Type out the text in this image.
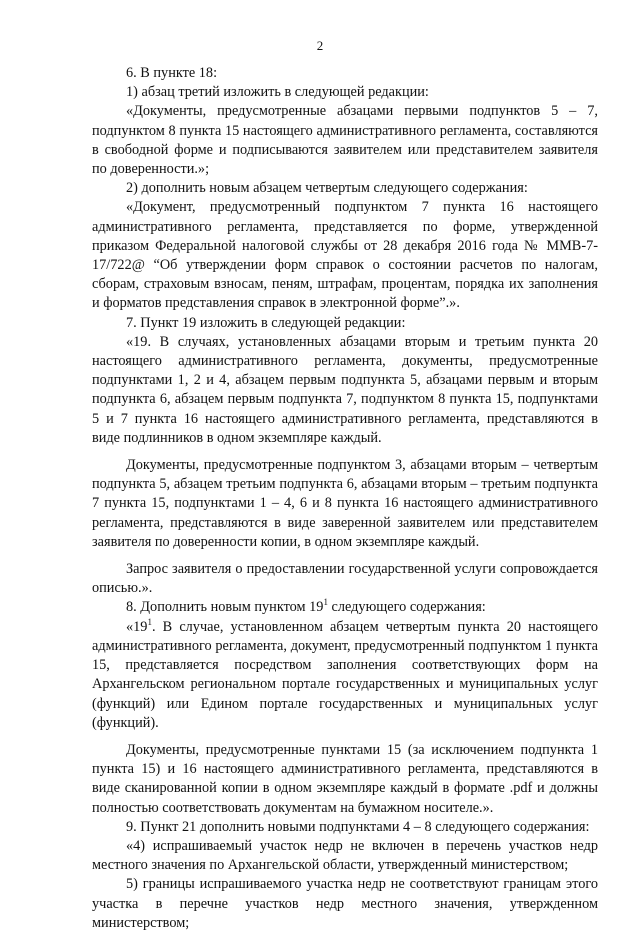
2

6. В пункте 18:

1) абзац третий изложить в следующей редакции:

«Документы, предусмотренные абзацами первыми подпунктов 5 – 7, подпунктом 8 пункта 15 настоящего административного регламента, составляются в свободной форме и подписываются заявителем или представителем заявителя по доверенности.»;

2) дополнить новым абзацем четвертым следующего содержания:

«Документ, предусмотренный подпунктом 7 пункта 16 настоящего административного регламента, представляется по форме, утвержденной приказом Федеральной налоговой службы от 28 декабря 2016 года № ММВ-7-17/722@ “Об утверждении форм справок о состоянии расчетов по налогам, сборам, страховым взносам, пеням, штрафам, процентам, порядка их заполнения и форматов представления справок в электронной форме”.».

7. Пункт 19 изложить в следующей редакции:

«19. В случаях, установленных абзацами вторым и третьим пункта 20 настоящего административного регламента, документы, предусмотренные подпунктами 1, 2 и 4, абзацем первым подпункта 5, абзацами первым и вторым подпункта 6, абзацем первым подпункта 7, подпунктом 8 пункта 15, подпунктами 5 и 7 пункта 16 настоящего административного регламента, представляются в виде подлинников в одном экземпляре каждый.

Документы, предусмотренные подпунктом 3, абзацами вторым – четвертым подпункта 5, абзацем третьим подпункта 6, абзацами вторым – третьим подпункта 7 пункта 15, подпунктами 1 – 4, 6 и 8 пункта 16 настоящего административного регламента, представляются в виде заверенной заявителем или представителем заявителя по доверенности копии, в одном экземпляре каждый.

Запрос заявителя о предоставлении государственной услуги сопровождается описью.».

8. Дополнить новым пунктом $19^1$ следующего содержания:

«$19^1$. В случае, установленном абзацем четвертым пункта 20 настоящего административного регламента, документ, предусмотренный подпунктом 1 пункта 15, представляется посредством заполнения соответствующих форм на Архангельском региональном портале государственных и муниципальных услуг (функций) или Едином портале государственных и муниципальных услуг (функций).

Документы, предусмотренные пунктами 15 (за исключением подпункта 1 пункта 15) и 16 настоящего административного регламента, представляются в виде сканированной копии в одном экземпляре каждый в формате .pdf и должны полностью соответствовать документам на бумажном носителе.».

9. Пункт 21 дополнить новыми подпунктами 4 – 8 следующего содержания:

«4) испрашиваемый участок недр не включен в перечень участков недр местного значения по Архангельской области, утвержденный министерством;

5) границы испрашиваемого участка недр не соответствуют границам этого участка в перечне участков недр местного значения, утвержденном министерством;
